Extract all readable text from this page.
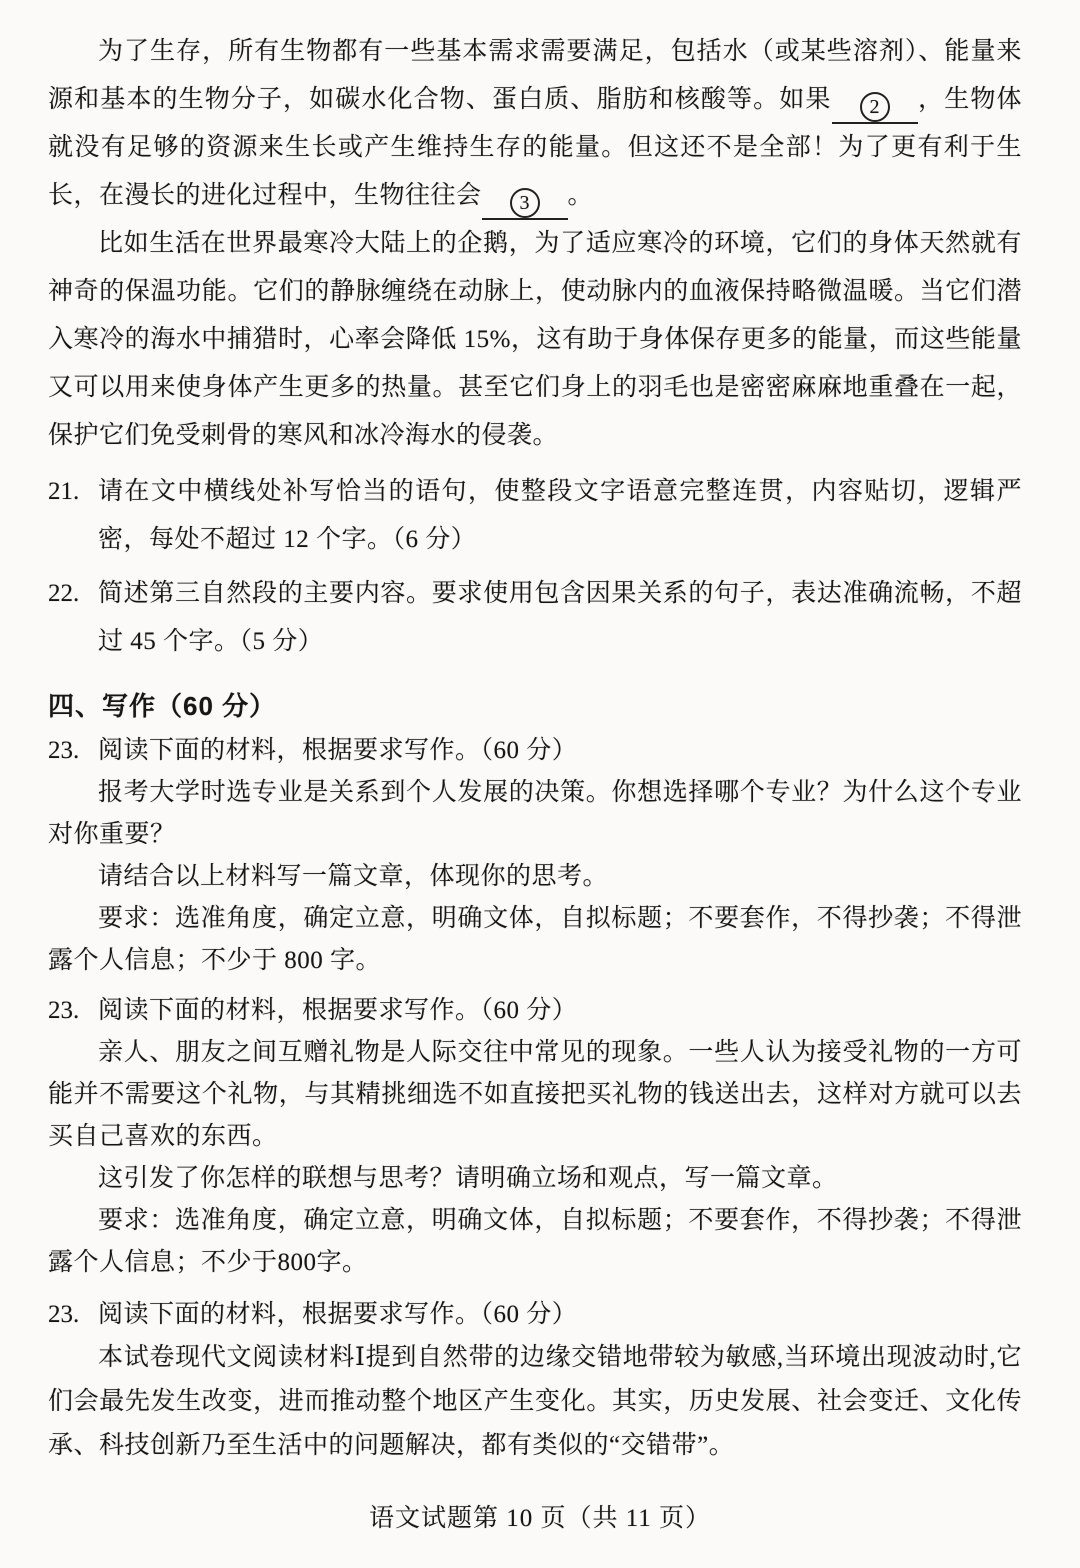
为了生存，所有生物都有一些基本需求需要满足，包括水（或某些溶剂）、能量来源和基本的生物分子，如碳水化合物、蛋白质、脂肪和核酸等。如果 2 ，生物体就没有足够的资源来生长或产生维持生存的能量。但这还不是全部！为了更有利于生长，在漫长的进化过程中，生物往往会 3 。

比如生活在世界最寒冷大陆上的企鹅，为了适应寒冷的环境，它们的身体天然就有神奇的保温功能。它们的静脉缠绕在动脉上，使动脉内的血液保持略微温暖。当它们潜入寒冷的海水中捕猎时，心率会降低 15%，这有助于身体保存更多的能量，而这些能量又可以用来使身体产生更多的热量。甚至它们身上的羽毛也是密密麻麻地重叠在一起，保护它们免受刺骨的寒风和冰冷海水的侵袭。

21. 请在文中横线处补写恰当的语句，使整段文字语意完整连贯，内容贴切，逻辑严密，每处不超过 12 个字。（6 分）
22. 简述第三自然段的主要内容。要求使用包含因果关系的句子，表达准确流畅，不超过 45 个字。（5 分）
四、写作（60 分）
23. 阅读下面的材料，根据要求写作。（60 分）

报考大学时选专业是关系到个人发展的决策。你想选择哪个专业？为什么这个专业对你重要？

请结合以上材料写一篇文章，体现你的思考。

要求：选准角度，确定立意，明确文体，自拟标题；不要套作，不得抄袭；不得泄露个人信息；不少于 800 字。

23. 阅读下面的材料，根据要求写作。（60 分）

亲人、朋友之间互赠礼物是人际交往中常见的现象。一些人认为接受礼物的一方可能并不需要这个礼物，与其精挑细选不如直接把买礼物的钱送出去，这样对方就可以去买自己喜欢的东西。

这引发了你怎样的联想与思考？请明确立场和观点，写一篇文章。

要求：选准角度，确定立意，明确文体，自拟标题；不要套作，不得抄袭；不得泄露个人信息；不少于800字。

23. 阅读下面的材料，根据要求写作。（60 分）

本试卷现代文阅读材料Ⅰ提到自然带的边缘交错地带较为敏感,当环境出现波动时,它们会最先发生改变，进而推动整个地区产生变化。其实，历史发展、社会变迁、文化传承、科技创新乃至生活中的问题解决，都有类似的“交错带”。

语文试题第 10 页（共 11 页）
